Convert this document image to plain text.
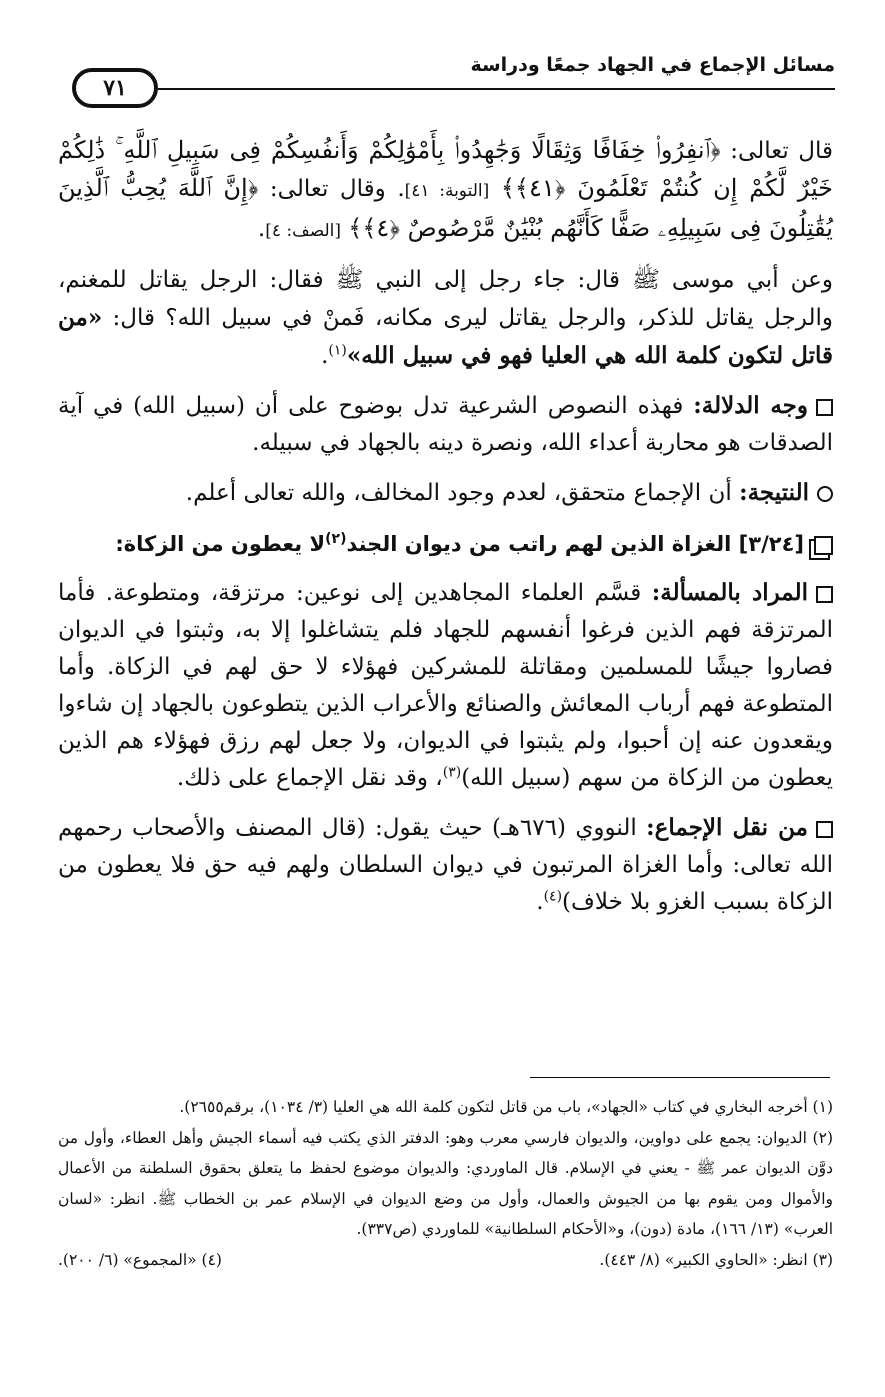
مسائل الإجماع في الجهاد جمعًا ودراسة
٧١

قال تعالى: ﴿ٱنفِرُوا۟ خِفَافًا وَثِقَالًا وَجَٰهِدُوا۟ بِأَمْوَٰلِكُمْ وَأَنفُسِكُمْ فِى سَبِيلِ ٱللَّهِ ۚ ذَٰلِكُمْ خَيْرٌ لَّكُمْ إِن كُنتُمْ تَعْلَمُونَ ﴿٤١﴾﴾ [التوبة: ٤١]. وقال تعالى: ﴿إِنَّ ٱللَّهَ يُحِبُّ ٱلَّذِينَ يُقَٰتِلُونَ فِى سَبِيلِهِۦ صَفًّا كَأَنَّهُم بُنْيَٰنٌ مَّرْصُوصٌ ﴿٤﴾﴾ [الصف: ٤].

وعن أبي موسى ﷺ قال: جاء رجل إلى النبي ﷺ فقال: الرجل يقاتل للمغنم، والرجل يقاتل للذكر، والرجل يقاتل ليرى مكانه، فَمنْ في سبيل الله؟ قال: «من قاتل لتكون كلمة الله هي العليا فهو في سبيل الله»$^{(١)}$.

وجه الدلالة: فهذه النصوص الشرعية تدل بوضوح على أن (سبيل الله) في آية الصدقات هو محاربة أعداء الله، ونصرة دينه بالجهاد في سبيله.

النتيجة: أن الإجماع متحقق، لعدم وجود المخالف، والله تعالى أعلم.

[٣/٢٤] الغزاة الذين لهم راتب من ديوان الجند$^{(٢)}$لا يعطون من الزكاة:

المراد بالمسألة: قسَّم العلماء المجاهدين إلى نوعين: مرتزقة، ومتطوعة. فأما المرتزقة فهم الذين فرغوا أنفسهم للجهاد فلم يتشاغلوا إلا به، وثبتوا في الديوان فصاروا جيشًا للمسلمين ومقاتلة للمشركين فهؤلاء لا حق لهم في الزكاة. وأما المتطوعة فهم أرباب المعائش والصنائع والأعراب الذين يتطوعون بالجهاد إن شاءوا ويقعدون عنه إن أحبوا، ولم يثبتوا في الديوان، ولا جعل لهم رزق فهؤلاء هم الذين يعطون من الزكاة من سهم (سبيل الله)$^{(٣)}$، وقد نقل الإجماع على ذلك.

من نقل الإجماع: النووي (٦٧٦هـ) حيث يقول: (قال المصنف والأصحاب رحمهم الله تعالى: وأما الغزاة المرتبون في ديوان السلطان ولهم فيه حق فلا يعطون من الزكاة بسبب الغزو بلا خلاف)$^{(٤)}$.

(١) أخرجه البخاري في كتاب «الجهاد»، باب من قاتل لتكون كلمة الله هي العليا (٣/ ١٠٣٤)، برقم٢٦٥٥).

(٢) الديوان: يجمع على دواوين، والديوان فارسي معرب وهو: الدفتر الذي يكتب فيه أسماء الجيش وأهل العطاء، وأول من دوَّن الديوان عمر ﷺ - يعني في الإسلام. قال الماوردي: والديوان موضوع لحفظ ما يتعلق بحقوق السلطنة من الأعمال والأموال ومن يقوم بها من الجيوش والعمال، وأول من وضع الديوان في الإسلام عمر بن الخطاب ﷺ. انظر: «لسان العرب» (١٣/ ١٦٦)، مادة (دون)، و«الأحكام السلطانية» للماوردي (ص٣٣٧).

(٣) انظر: «الحاوي الكبير» (٨/ ٤٤٣).
(٤) «المجموع» (٦/ ٢٠٠).
